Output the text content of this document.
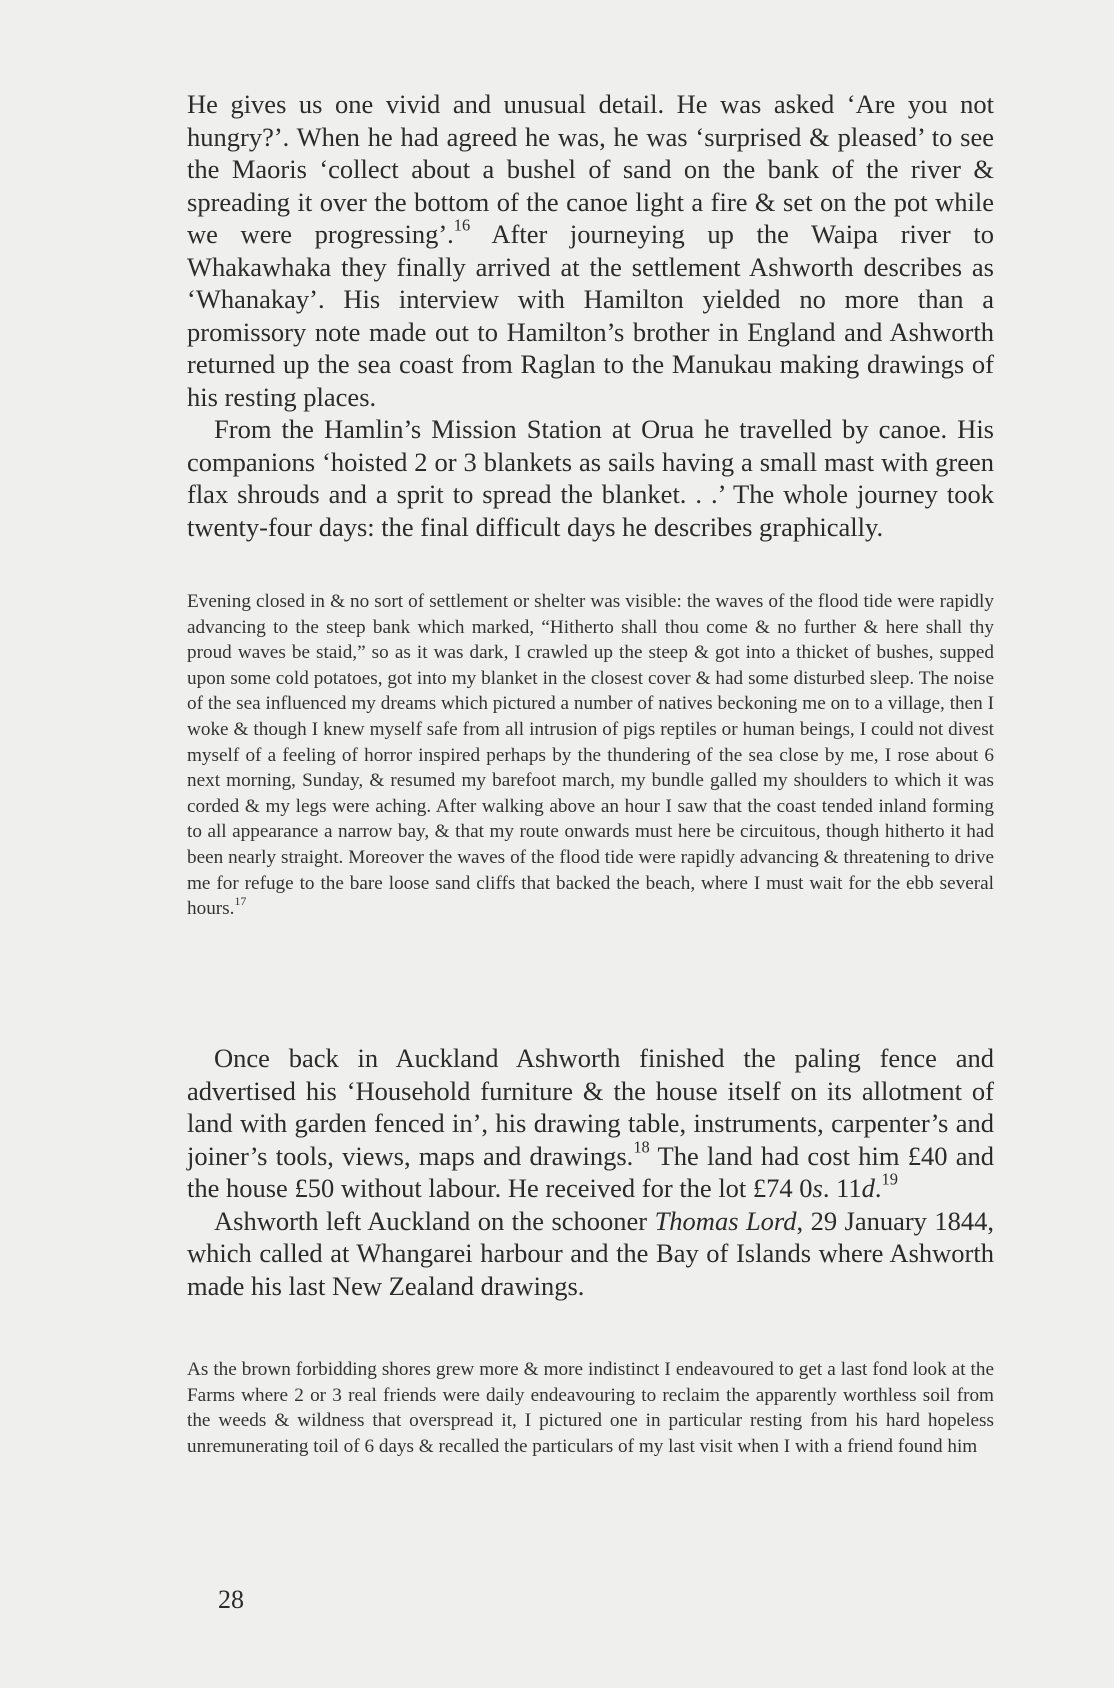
He gives us one vivid and unusual detail. He was asked ‘Are you not hungry?’. When he had agreed he was, he was ‘surprised & pleased’ to see the Maoris ‘collect about a bushel of sand on the bank of the river & spreading it over the bottom of the canoe light a fire & set on the pot while we were progressing’.$^{16}$ After journeying up the Waipa river to Whakawhaka they finally arrived at the settlement Ashworth describes as ‘Whanakay’. His interview with Hamilton yielded no more than a promissory note made out to Hamilton’s brother in England and Ashworth returned up the sea coast from Raglan to the Manukau making drawings of his resting places.

From the Hamlin’s Mission Station at Orua he travelled by canoe. His companions ‘hoisted 2 or 3 blankets as sails having a small mast with green flax shrouds and a sprit to spread the blanket. . .’ The whole journey took twenty-four days: the final difficult days he describes graphically.

Evening closed in & no sort of settlement or shelter was visible: the waves of the flood tide were rapidly advancing to the steep bank which marked, “Hitherto shall thou come & no further & here shall thy proud waves be staid,” so as it was dark, I crawled up the steep & got into a thicket of bushes, supped upon some cold potatoes, got into my blanket in the closest cover & had some disturbed sleep. The noise of the sea influenced my dreams which pictured a number of natives beckoning me on to a village, then I woke & though I knew myself safe from all intrusion of pigs reptiles or human beings, I could not divest myself of a feeling of horror inspired perhaps by the thundering of the sea close by me, I rose about 6 next morning, Sunday, & resumed my barefoot march, my bundle galled my shoulders to which it was corded & my legs were aching. After walking above an hour I saw that the coast tended inland forming to all appearance a narrow bay, & that my route onwards must here be circuitous, though hitherto it had been nearly straight. Moreover the waves of the flood tide were rapidly advancing & threatening to drive me for refuge to the bare loose sand cliffs that backed the beach, where I must wait for the ebb several hours.$^{17}$

Once back in Auckland Ashworth finished the paling fence and advertised his ‘Household furniture & the house itself on its allotment of land with garden fenced in’, his drawing table, instruments, carpenter’s and joiner’s tools, views, maps and drawings.$^{18}$ The land had cost him £40 and the house £50 without labour. He received for the lot £74 0s. 11d.$^{19}$

Ashworth left Auckland on the schooner Thomas Lord, 29 January 1844, which called at Whangarei harbour and the Bay of Islands where Ashworth made his last New Zealand drawings.

As the brown forbidding shores grew more & more indistinct I endeavoured to get a last fond look at the Farms where 2 or 3 real friends were daily endeavouring to reclaim the apparently worthless soil from the weeds & wildness that overspread it, I pictured one in particular resting from his hard hopeless unremunerating toil of 6 days & recalled the particulars of my last visit when I with a friend found him

28
